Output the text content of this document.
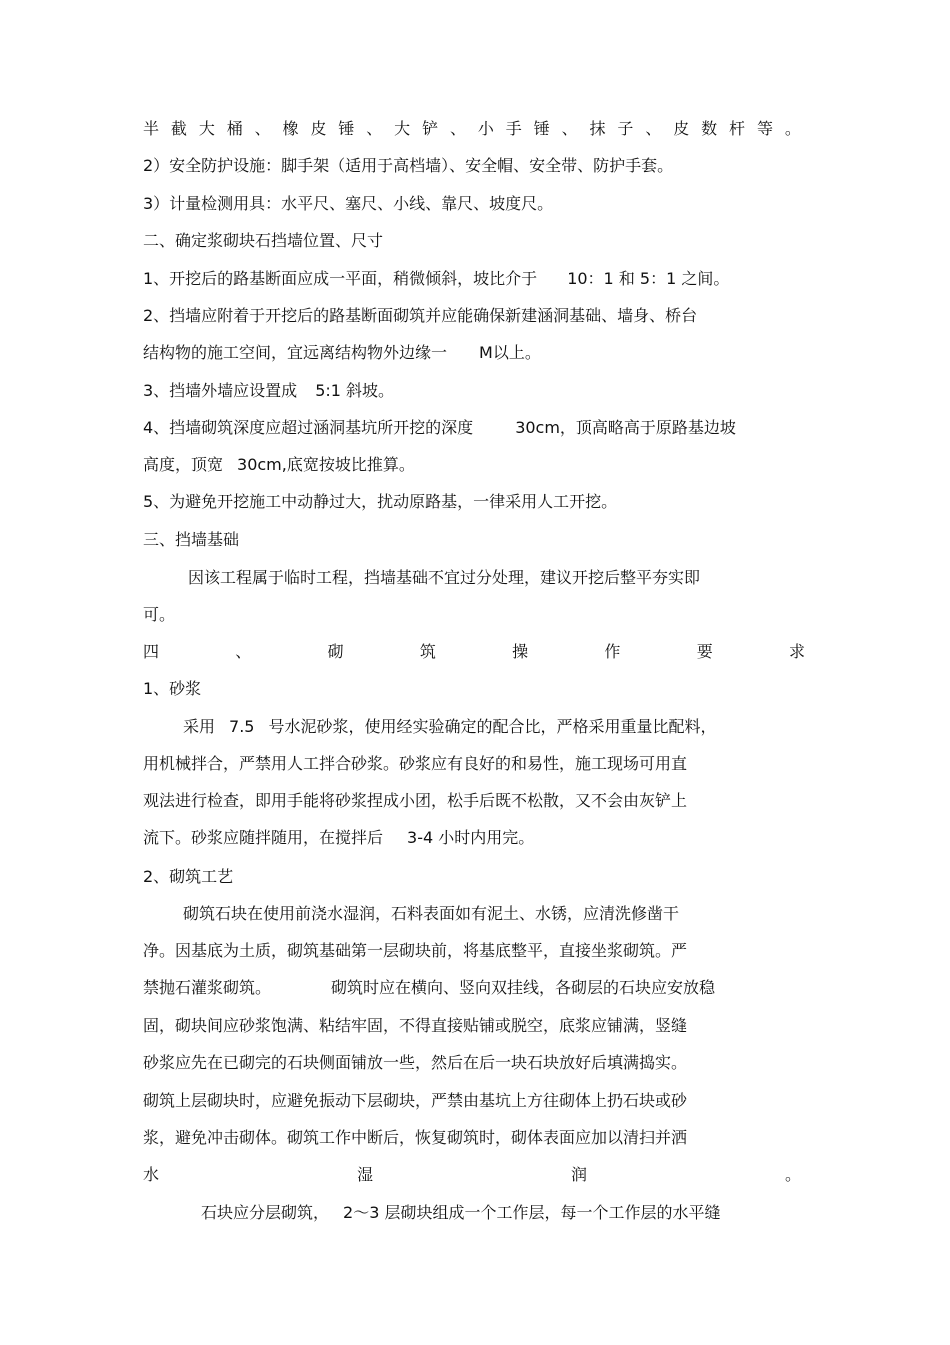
半 截 大 桶 、 橡 皮 锤 、 大 铲 、 小 手 锤 、 抹 子 、 皮 数 杆 等 。

2）安全防护设施：脚手架（适用于高档墙）、安全帽、安全带、防护手套。

3）计量检测用具：水平尺、塞尺、小线、靠尺、坡度尺。

二、确定浆砌块石挡墙位置、尺寸

1、开挖后的路基断面应成一平面，稍微倾斜，坡比介于 10：1 和 5：1 之间。

2、挡墙应附着于开挖后的路基断面砌筑并应能确保新建涵洞基础、墙身、桥台

结构物的施工空间，宜远离结构物外边缘一 M以上。

3、挡墙外墙应设置成 5:1 斜坡。

4、挡墙砌筑深度应超过涵洞基坑所开挖的深度	30cm，顶高略高于原路基边坡

高度，顶宽 30cm,底宽按坡比推算。

5、为避免开挖施工中动静过大，扰动原路基，一律采用人工开挖。

三、挡墙基础

因该工程属于临时工程，挡墙基础不宜过分处理，建议开挖后整平夯实即

可。

四	、	砌	筑	操	作	要	求

1、砂浆

采用 7.5 号水泥砂浆，使用经实验确定的配合比，严格采用重量比配料，

用机械拌合，严禁用人工拌合砂浆。砂浆应有良好的和易性，施工现场可用直

观法进行检查，即用手能将砂浆捏成小团，松手后既不松散，又不会由灰铲上

流下。砂浆应随拌随用，在搅拌后 3-4 小时内用完。

2、砌筑工艺

砌筑石块在使用前浇水湿润，石料表面如有泥土、水锈，应清洗修凿干

净。因基底为土质，砌筑基础第一层砌块前，将基底整平，直接坐浆砌筑。严

禁抛石灌浆砌筑。	砌筑时应在横向、竖向双挂线，各砌层的石块应安放稳

固，砌块间应砂浆饱满、粘结牢固，不得直接贴铺或脱空，底浆应铺满，竖缝

砂浆应先在已砌完的石块侧面铺放一些，然后在后一块石块放好后填满捣实。

砌筑上层砌块时，应避免振动下层砌块，严禁由基坑上方往砌体上扔石块或砂

浆，避免冲击砌体。砌筑工作中断后，恢复砌筑时，砌体表面应加以清扫并洒

水	湿	润	。

石块应分层砌筑， 2～3 层砌块组成一个工作层，每一个工作层的水平缝
